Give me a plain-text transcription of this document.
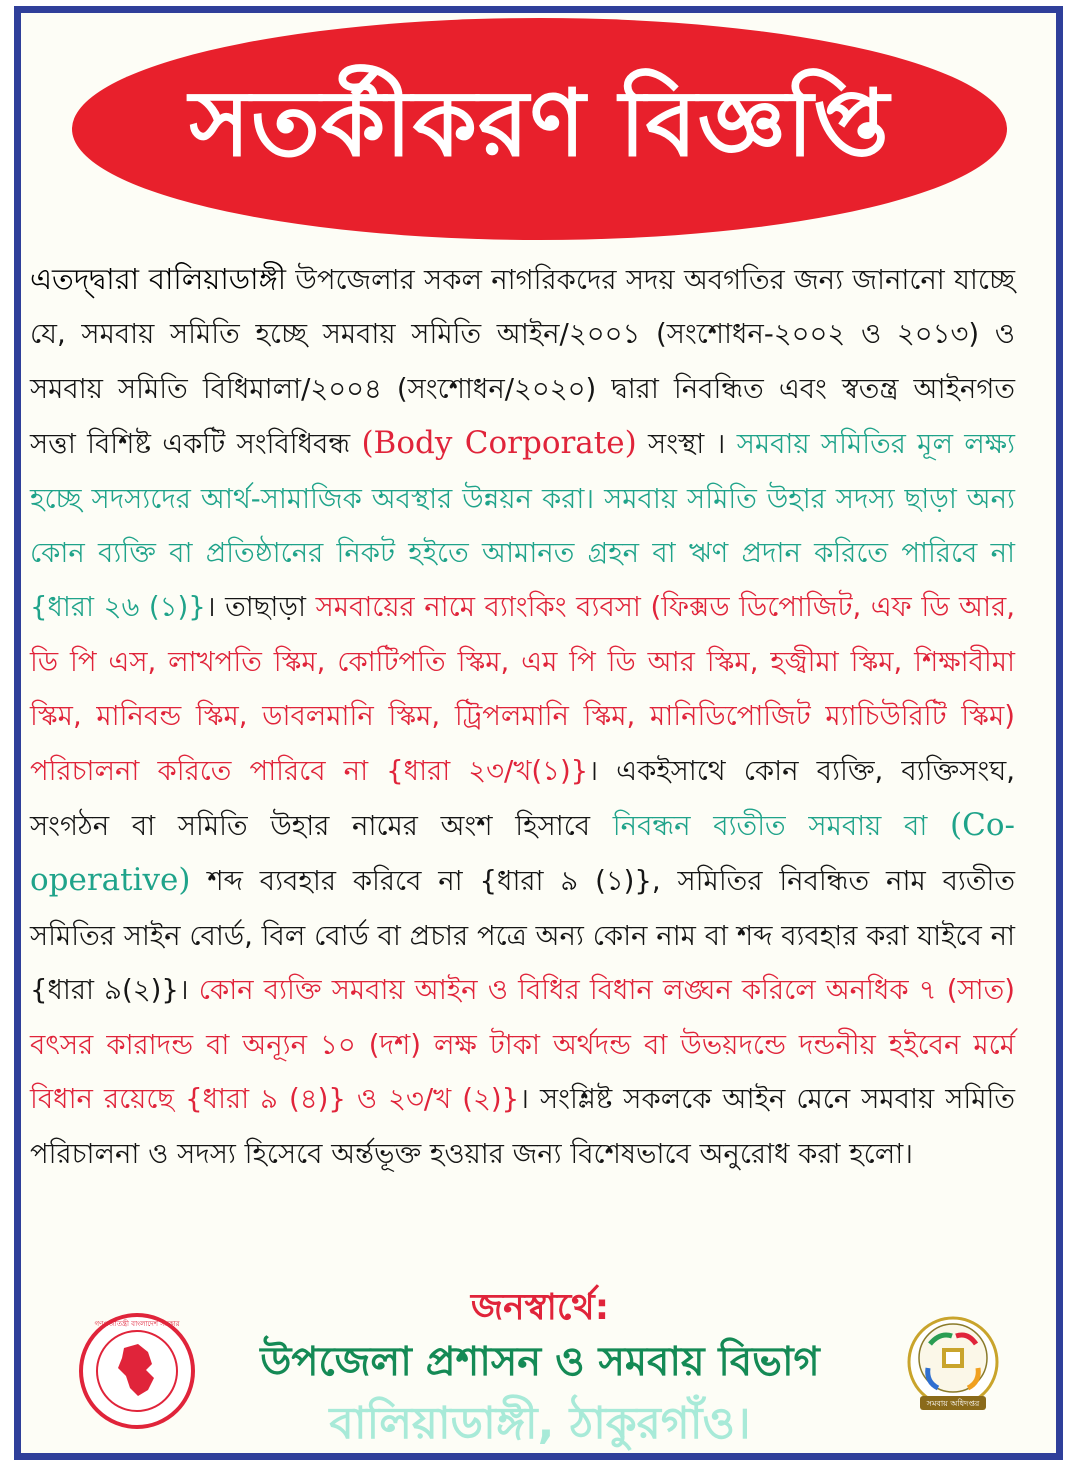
সতর্কীকরণ বিজ্ঞপ্তি
এতদ্দ্বারা বালিয়াডাঙ্গী উপজেলার সকল নাগরিকদের সদয় অবগতির জন্য জানানো যাচ্ছে যে, সমবায় সমিতি হচ্ছে সমবায় সমিতি আইন/২০০১ (সংশোধন-২০০২ ও ২০১৩) ও সমবায় সমিতি বিধিমালা/২০০৪ (সংশোধন/২০২০) দ্বারা নিবন্ধিত এবং স্বতন্ত্র আইনগত সত্তা বিশিষ্ট একটি সংবিধিবন্ধ (Body Corporate) সংস্থা । সমবায় সমিতির মূল লক্ষ্য হচ্ছে সদস্যদের আর্থ-সামাজিক অবস্থার উন্নয়ন করা। সমবায় সমিতি উহার সদস্য ছাড়া অন্য কোন ব্যক্তি বা প্রতিষ্ঠানের নিকট হইতে আমানত গ্রহন বা ঋণ প্রদান করিতে পারিবে না {ধারা ২৬ (১)}। তাছাড়া সমবায়ের নামে ব্যাংকিং ব্যবসা (ফিক্সড ডিপোজিট, এফ ডি আর, ডি পি এস, লাখপতি স্কিম, কোটিপতি স্কিম, এম পি ডি আর স্কিম, হজ্বীমা স্কিম, শিক্ষাবীমা স্কিম, মানিবন্ড স্কিম, ডাবলমানি স্কিম, ট্রিপলমানি স্কিম, মানিডিপোজিট ম্যাচিউরিটি স্কিম) পরিচালনা করিতে পারিবে না {ধারা ২৩/খ(১)}। একইসাথে কোন ব্যক্তি, ব্যক্তিসংঘ, সংগঠন বা সমিতি উহার নামের অংশ হিসাবে নিবন্ধন ব্যতীত সমবায় বা (Co-operative) শব্দ ব্যবহার করিবে না {ধারা ৯ (১)}, সমিতির নিবন্ধিত নাম ব্যতীত সমিতির সাইন বোর্ড, বিল বোর্ড বা প্রচার পত্রে অন্য কোন নাম বা শব্দ ব্যবহার করা যাইবে না {ধারা ৯(২)}। কোন ব্যক্তি সমবায় আইন ও বিধির বিধান লঙ্ঘন করিলে অনধিক ৭ (সাত) বৎসর কারাদন্ড বা অন্যূন ১০ (দশ) লক্ষ টাকা অর্থদন্ড বা উভয়দন্ডে দন্ডনীয় হইবেন মর্মে বিধান রয়েছে {ধারা ৯ (৪)} ও ২৩/খ (২)}। সংশ্লিষ্ট সকলকে আইন মেনে সমবায় সমিতি পরিচালনা ও সদস্য হিসেবে অর্ন্তভূক্ত হওয়ার জন্য বিশেষভাবে অনুরোধ করা হলো।
জনস্বার্থে:
উপজেলা প্রশাসন ও সমবায় বিভাগ
বালিয়াডাঙ্গী, ঠাকুরগাঁও।
গণপ্রজাতন্ত্রী বাংলাদেশ সরকার
সমবায় অধিদপ্তর
